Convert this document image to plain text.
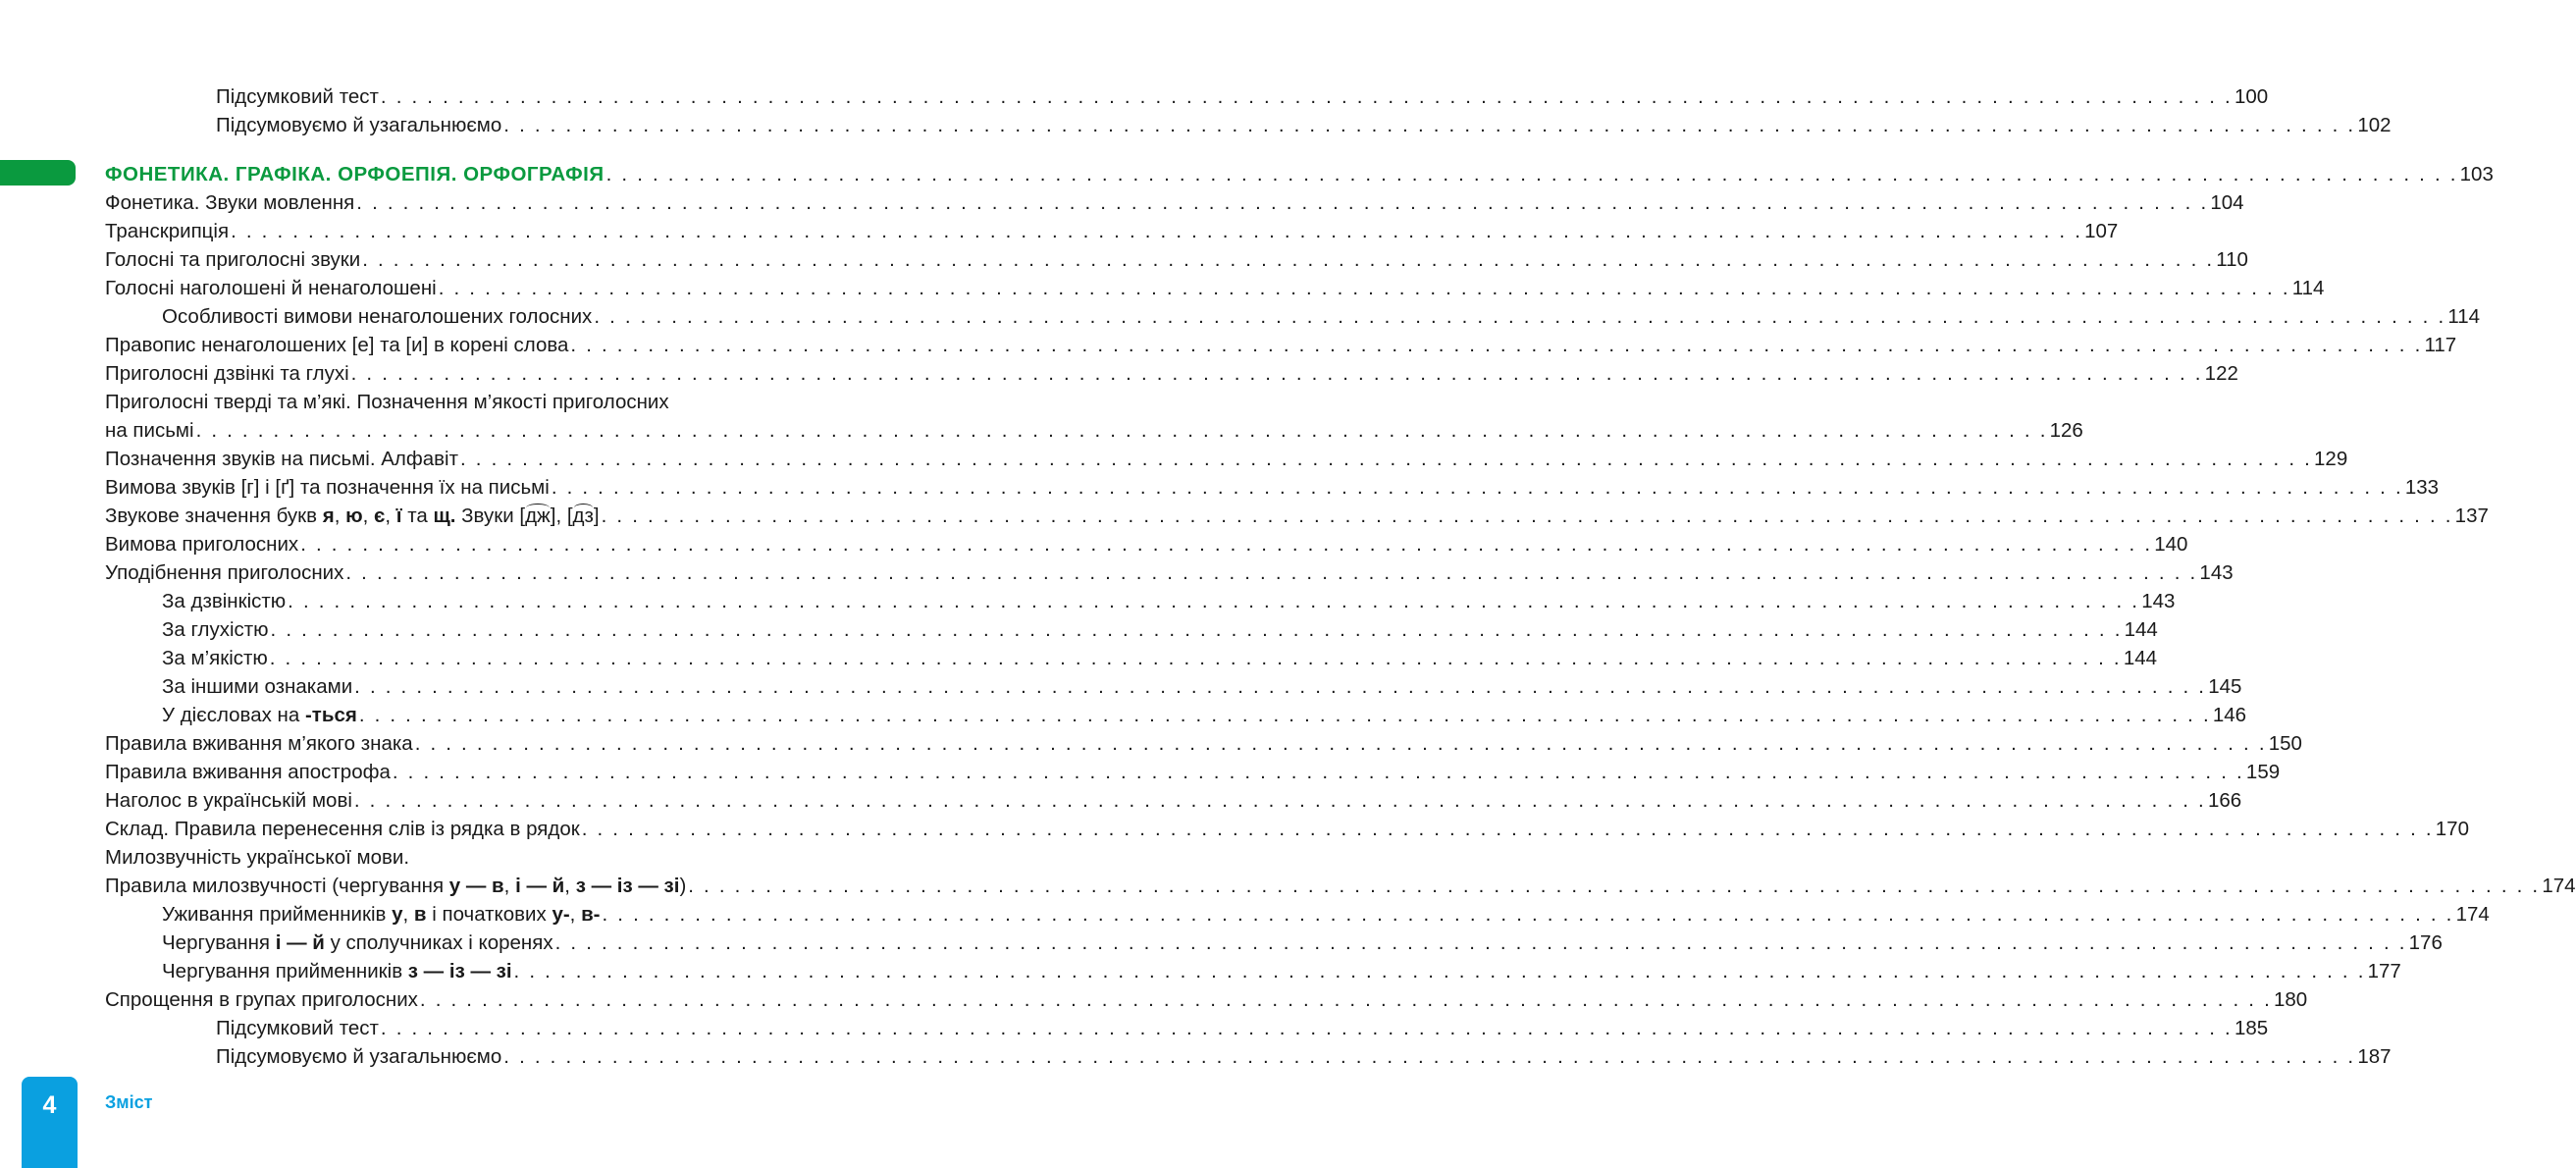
Підсумковий тест . . . . . . . . . . . . . . . . . . . . . . . . . . . . . . . . . . . . . . . . . . . . . . . . . . . . . . . . . . . . . . . . . . . . . . . . . . . . . . . . . . . . . . . . . . . . . . . . . . . . . . . . . . . . . . . . . . . . . . . . 100
Підсумовуємо й узагальнюємо . . . . . . . . . . . . . . . . . . . . . . . . . . . . . . . . . . . . . . . . . . . . . . . . . . . . . . . . . . . . . . . . . . . . . . . . . . . . . . . . . . . . . . . . . . . . . . . . . . . . . . . . . . . . . . . . . . . . . . . . 102
ФОНЕТИКА. ГРАФІКА. ОРФОЕПІЯ. ОРФОГРАФІЯ . . . . . . . . . . . . . . . . . . . . . . . . . . . . . . . . . . . . . . . . . . . . . . . . . . . . . . . . . . . . . . . . . . . . . . . . . . . . . . . . . . . . . . . . . . . . . . . . . . . . . . . . . . . . . . . . . . . . . . . . 103
Фонетика. Звуки мовлення . . . . . . . . . . . . . . . . . . . . . . . . . . . . . . . . . . . . . . . . . . . . . . . . . . . . . . . . . . . . . . . . . . . . . . . . . . . . . . . . . . . . . . . . . . . . . . . . . . . . . . . . . . . . . . . . . . . . . . . . 104
Транскрипція . . . . . . . . . . . . . . . . . . . . . . . . . . . . . . . . . . . . . . . . . . . . . . . . . . . . . . . . . . . . . . . . . . . . . . . . . . . . . . . . . . . . . . . . . . . . . . . . . . . . . . . . . . . . . . . . . . . . . . . . 107
Голосні та приголосні звуки . . . . . . . . . . . . . . . . . . . . . . . . . . . . . . . . . . . . . . . . . . . . . . . . . . . . . . . . . . . . . . . . . . . . . . . . . . . . . . . . . . . . . . . . . . . . . . . . . . . . . . . . . . . . . . . . . . . . . . . . 110
Голосні наголошені й ненаголошені . . . . . . . . . . . . . . . . . . . . . . . . . . . . . . . . . . . . . . . . . . . . . . . . . . . . . . . . . . . . . . . . . . . . . . . . . . . . . . . . . . . . . . . . . . . . . . . . . . . . . . . . . . . . . . . . . . . . . . . . 114
Особливості вимови ненаголошених голосних . . . . . . . . . . . . . . . . . . . . . . . . . . . . . . . . . . . . . . . . . . . . . . . . . . . . . . . . . . . . . . . . . . . . . . . . . . . . . . . . . . . . . . . . . . . . . . . . . . . . . . . . . . . . . . . . . . . . . . . . 114
Правопис ненаголошених [е] та [и] в корені слова . . . . . . . . . . . . . . . . . . . . . . . . . . . . . . . . . . . . . . . . . . . . . . . . . . . . . . . . . . . . . . . . . . . . . . . . . . . . . . . . . . . . . . . . . . . . . . . . . . . . . . . . . . . . . . . . . . . . . . . . 117
Приголосні дзвінкі та глухі . . . . . . . . . . . . . . . . . . . . . . . . . . . . . . . . . . . . . . . . . . . . . . . . . . . . . . . . . . . . . . . . . . . . . . . . . . . . . . . . . . . . . . . . . . . . . . . . . . . . . . . . . . . . . . . . . . . . . . . . 122
Приголосні тверді та м’які. Позначення м’якості приголосних
на письмі . . . . . . . . . . . . . . . . . . . . . . . . . . . . . . . . . . . . . . . . . . . . . . . . . . . . . . . . . . . . . . . . . . . . . . . . . . . . . . . . . . . . . . . . . . . . . . . . . . . . . . . . . . . . . . . . . . . . . . . . 126
Позначення звуків на письмі. Алфавіт . . . . . . . . . . . . . . . . . . . . . . . . . . . . . . . . . . . . . . . . . . . . . . . . . . . . . . . . . . . . . . . . . . . . . . . . . . . . . . . . . . . . . . . . . . . . . . . . . . . . . . . . . . . . . . . . . . . . . . . . 129
Вимова звуків [г] і [ґ] та позначення їх на письмі . . . . . . . . . . . . . . . . . . . . . . . . . . . . . . . . . . . . . . . . . . . . . . . . . . . . . . . . . . . . . . . . . . . . . . . . . . . . . . . . . . . . . . . . . . . . . . . . . . . . . . . . . . . . . . . . . . . . . . . . 133
Звукове значення букв я, ю, є, ї та щ. Звуки [дж], [дз] . . . . . . . . . . . . . . . . . . . . . . . . . . . . . . . . . . . . . . . . . . . . . . . . . . . . . . . . . . . . . . . . . . . . . . . . . . . . . . . . . . . . . . . . . . . . . . . . . . . . . . . . . . . . . . . . . . . . . . . . 137
Вимова приголосних . . . . . . . . . . . . . . . . . . . . . . . . . . . . . . . . . . . . . . . . . . . . . . . . . . . . . . . . . . . . . . . . . . . . . . . . . . . . . . . . . . . . . . . . . . . . . . . . . . . . . . . . . . . . . . . . . . . . . . . . 140
Уподібнення приголосних . . . . . . . . . . . . . . . . . . . . . . . . . . . . . . . . . . . . . . . . . . . . . . . . . . . . . . . . . . . . . . . . . . . . . . . . . . . . . . . . . . . . . . . . . . . . . . . . . . . . . . . . . . . . . . . . . . . . . . . . 143
За дзвінкістю . . . . . . . . . . . . . . . . . . . . . . . . . . . . . . . . . . . . . . . . . . . . . . . . . . . . . . . . . . . . . . . . . . . . . . . . . . . . . . . . . . . . . . . . . . . . . . . . . . . . . . . . . . . . . . . . . . . . . . . . 143
За глухістю . . . . . . . . . . . . . . . . . . . . . . . . . . . . . . . . . . . . . . . . . . . . . . . . . . . . . . . . . . . . . . . . . . . . . . . . . . . . . . . . . . . . . . . . . . . . . . . . . . . . . . . . . . . . . . . . . . . . . . . . 144
За м’якістю . . . . . . . . . . . . . . . . . . . . . . . . . . . . . . . . . . . . . . . . . . . . . . . . . . . . . . . . . . . . . . . . . . . . . . . . . . . . . . . . . . . . . . . . . . . . . . . . . . . . . . . . . . . . . . . . . . . . . . . . 144
За іншими ознаками . . . . . . . . . . . . . . . . . . . . . . . . . . . . . . . . . . . . . . . . . . . . . . . . . . . . . . . . . . . . . . . . . . . . . . . . . . . . . . . . . . . . . . . . . . . . . . . . . . . . . . . . . . . . . . . . . . . . . . . . 145
У дієсловах на -ться . . . . . . . . . . . . . . . . . . . . . . . . . . . . . . . . . . . . . . . . . . . . . . . . . . . . . . . . . . . . . . . . . . . . . . . . . . . . . . . . . . . . . . . . . . . . . . . . . . . . . . . . . . . . . . . . . . . . . . . . 146
Правила вживання м’якого знака . . . . . . . . . . . . . . . . . . . . . . . . . . . . . . . . . . . . . . . . . . . . . . . . . . . . . . . . . . . . . . . . . . . . . . . . . . . . . . . . . . . . . . . . . . . . . . . . . . . . . . . . . . . . . . . . . . . . . . . . 150
Правила вживання апострофа . . . . . . . . . . . . . . . . . . . . . . . . . . . . . . . . . . . . . . . . . . . . . . . . . . . . . . . . . . . . . . . . . . . . . . . . . . . . . . . . . . . . . . . . . . . . . . . . . . . . . . . . . . . . . . . . . . . . . . . . 159
Наголос в українській мові . . . . . . . . . . . . . . . . . . . . . . . . . . . . . . . . . . . . . . . . . . . . . . . . . . . . . . . . . . . . . . . . . . . . . . . . . . . . . . . . . . . . . . . . . . . . . . . . . . . . . . . . . . . . . . . . . . . . . . . . 166
Склад. Правила перенесення слів із рядка в рядок . . . . . . . . . . . . . . . . . . . . . . . . . . . . . . . . . . . . . . . . . . . . . . . . . . . . . . . . . . . . . . . . . . . . . . . . . . . . . . . . . . . . . . . . . . . . . . . . . . . . . . . . . . . . . . . . . . . . . . . . 170
Милозвучність української мови.
Правила милозвучності (чергування у — в, і — й, з — із — зі) . . . . . . . . . . . . . . . . . . . . . . . . . . . . . . . . . . . . . . . . . . . . . . . . . . . . . . . . . . . . . . . . . . . . . . . . . . . . . . . . . . . . . . . . . . . . . . . . . . . . . . . . . . . . . . . . . . . . . . . . 174
Уживання прийменників у, в і початкових у-, в- . . . . . . . . . . . . . . . . . . . . . . . . . . . . . . . . . . . . . . . . . . . . . . . . . . . . . . . . . . . . . . . . . . . . . . . . . . . . . . . . . . . . . . . . . . . . . . . . . . . . . . . . . . . . . . . . . . . . . . . . 174
Чергування і — й у сполучниках і коренях . . . . . . . . . . . . . . . . . . . . . . . . . . . . . . . . . . . . . . . . . . . . . . . . . . . . . . . . . . . . . . . . . . . . . . . . . . . . . . . . . . . . . . . . . . . . . . . . . . . . . . . . . . . . . . . . . . . . . . . . 176
Чергування прийменників з — із — зі . . . . . . . . . . . . . . . . . . . . . . . . . . . . . . . . . . . . . . . . . . . . . . . . . . . . . . . . . . . . . . . . . . . . . . . . . . . . . . . . . . . . . . . . . . . . . . . . . . . . . . . . . . . . . . . . . . . . . . . . 177
Спрощення в групах приголосних . . . . . . . . . . . . . . . . . . . . . . . . . . . . . . . . . . . . . . . . . . . . . . . . . . . . . . . . . . . . . . . . . . . . . . . . . . . . . . . . . . . . . . . . . . . . . . . . . . . . . . . . . . . . . . . . . . . . . . . . 180
Підсумковий тест . . . . . . . . . . . . . . . . . . . . . . . . . . . . . . . . . . . . . . . . . . . . . . . . . . . . . . . . . . . . . . . . . . . . . . . . . . . . . . . . . . . . . . . . . . . . . . . . . . . . . . . . . . . . . . . . . . . . . . . . 185
Підсумовуємо й узагальнюємо . . . . . . . . . . . . . . . . . . . . . . . . . . . . . . . . . . . . . . . . . . . . . . . . . . . . . . . . . . . . . . . . . . . . . . . . . . . . . . . . . . . . . . . . . . . . . . . . . . . . . . . . . . . . . . . . . . . . . . . . 187
4	Зміст
